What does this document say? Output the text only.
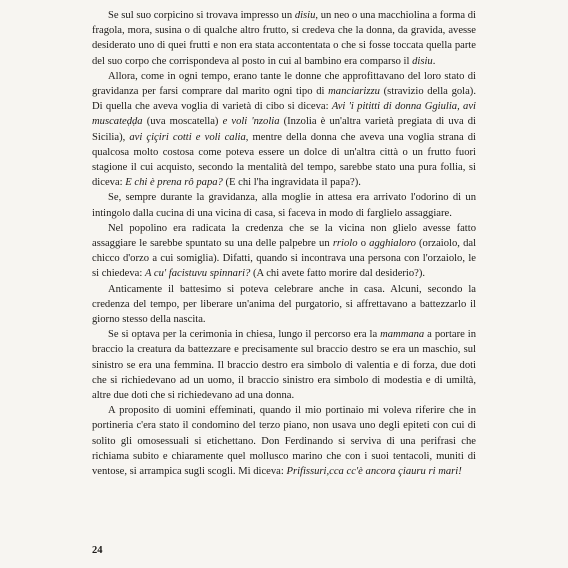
Se sul suo corpicino si trovava impresso un disiu, un neo o una macchiolina a forma di fragola, mora, susina o di qualche altro frutto, si credeva che la donna, da gravida, avesse desiderato uno di quei frutti e non era stata accontentata o che si fosse toccata quella parte del suo corpo che corrispondeva al posto in cui al bambino era comparso il disiu.

Allora, come in ogni tempo, erano tante le donne che approfittavano del loro stato di gravidanza per farsi comprare dal marito ogni tipo di manciarizzu (stravizio della gola). Di quella che aveva voglia di varietà di cibo si diceva: Avi 'i pititti di donna Ggiulia, avi muscateḍḍa (uva moscatella) e voli 'nzolia (Inzolia è un'altra varietà pregiata di uva di Sicilia), avi çiçiri cotti e voli calia, mentre della donna che aveva una voglia strana di qualcosa molto costosa come poteva essere un dolce di un'altra città o un frutto fuori stagione il cui acquisto, secondo la mentalità del tempo, sarebbe stato una pura follia, si diceva: E chi è prena rô papa? (E chi l'ha ingravidata il papa?).

Se, sempre durante la gravidanza, alla moglie in attesa era arrivato l'odorino di un intingolo dalla cucina di una vicina di casa, si faceva in modo di farglielo assaggiare.

Nel popolino era radicata la credenza che se la vicina non glielo avesse fatto assaggiare le sarebbe spuntato su una delle palpebre un rriolo o agghialoro (orzaiolo, dal chicco d'orzo a cui somiglia). Difatti, quando si incontrava una persona con l'orzaiolo, le si chiedeva: A cu' facistuvu spinnari? (A chi avete fatto morire dal desiderio?).

Anticamente il battesimo si poteva celebrare anche in casa. Alcuni, secondo la credenza del tempo, per liberare un'anima del purgatorio, si affrettavano a battezzarlo il giorno stesso della nascita.

Se si optava per la cerimonia in chiesa, lungo il percorso era la mammana a portare in braccio la creatura da battezzare e precisamente sul braccio destro se era un maschio, sul sinistro se era una femmina. Il braccio destro era simbolo di valentia e di forza, due doti che si richiedevano ad un uomo, il braccio sinistro era simbolo di modestia e di umiltà, altre due doti che si richiedevano ad una donna.

A proposito di uomini effeminati, quando il mio portinaio mi voleva riferire che in portineria c'era stato il condomino del terzo piano, non usava uno degli epiteti con cui di solito gli omosessuali si etichettano. Don Ferdinando si serviva di una perifrasi che richiama subito e chiaramente quel mollusco marino che con i suoi tentacoli, muniti di ventose, si arrampica sugli scogli. Mi diceva: Prifissuri,cca cc'è ancora çiauru ri mari!

24
